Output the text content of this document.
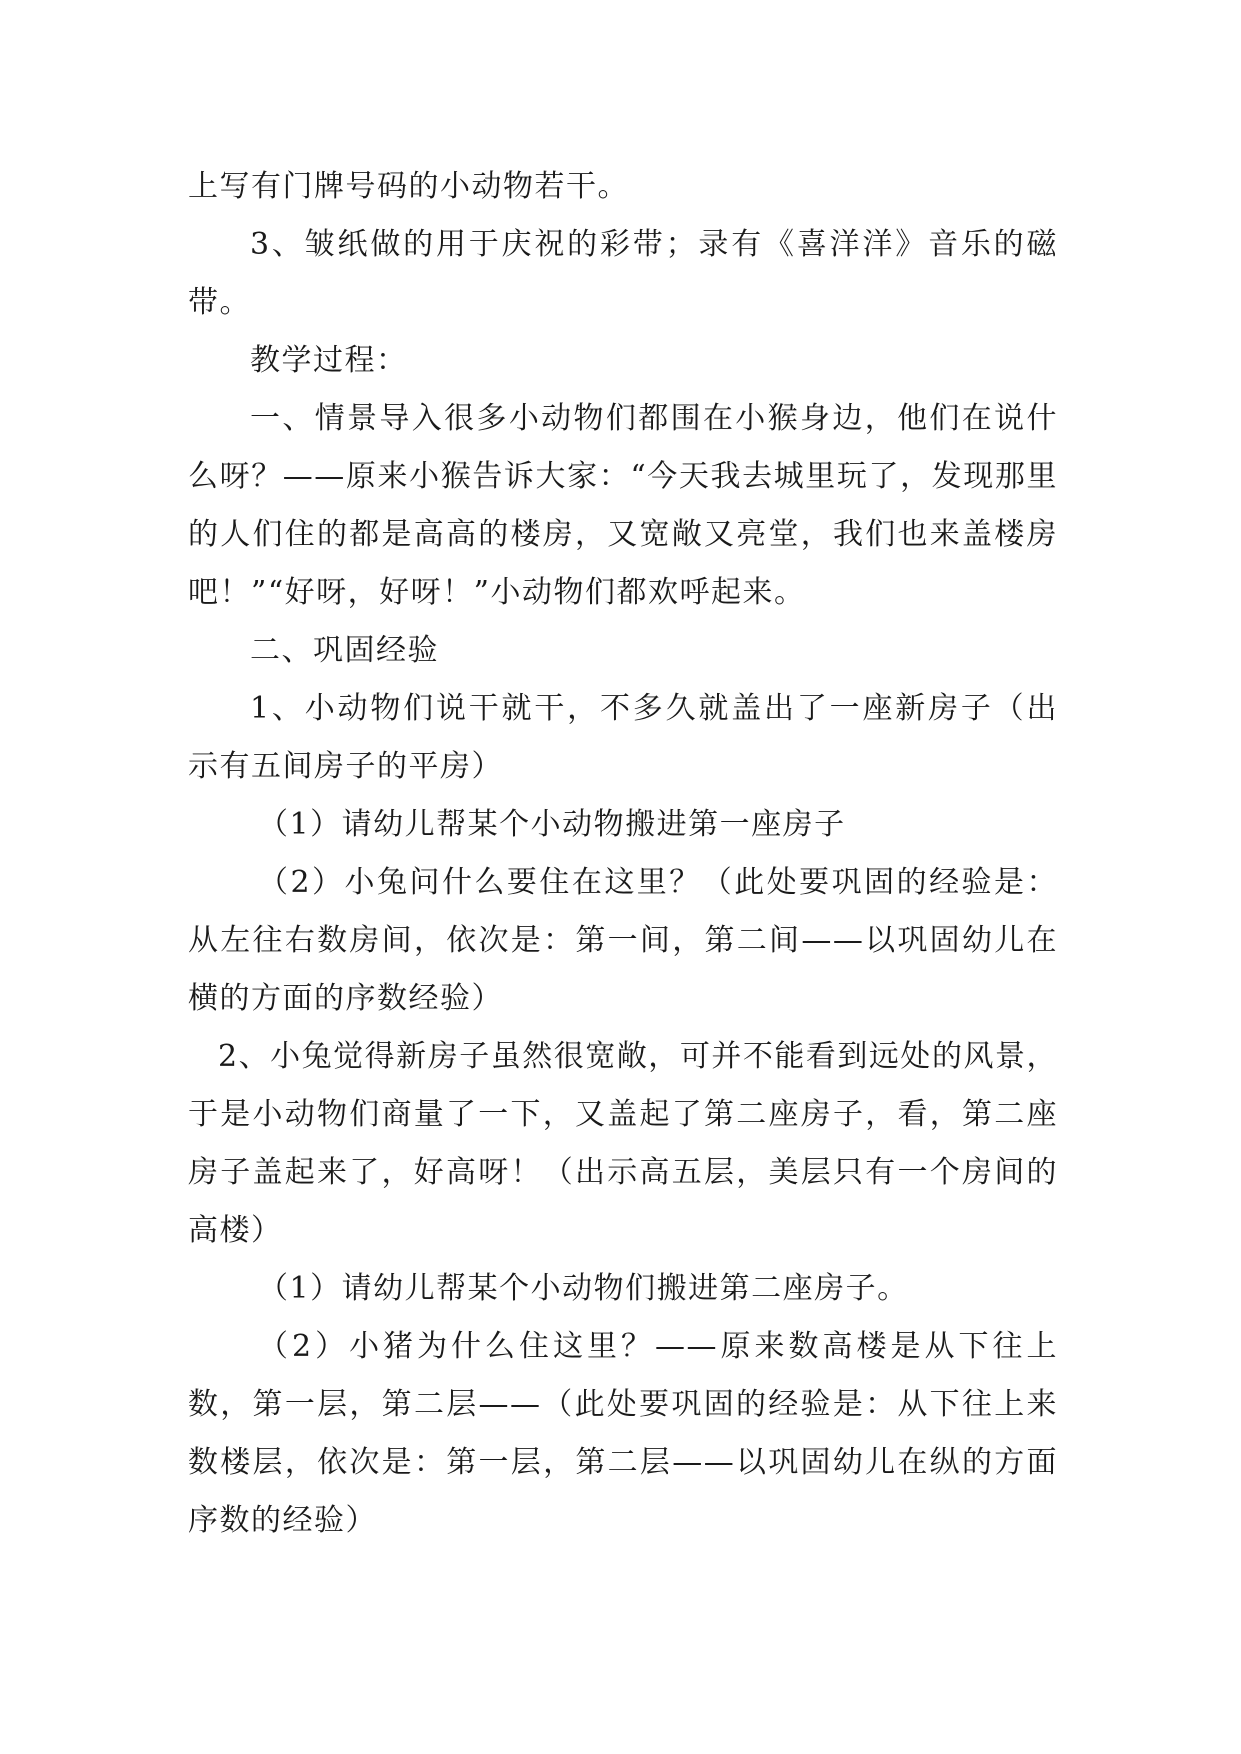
上写有门牌号码的小动物若干。

3、皱纸做的用于庆祝的彩带；录有《喜洋洋》音乐的磁带。

教学过程：

一、情景导入很多小动物们都围在小猴身边，他们在说什么呀？——原来小猴告诉大家：“今天我去城里玩了，发现那里的人们住的都是高高的楼房，又宽敞又亮堂，我们也来盖楼房吧！”“好呀，好呀！”小动物们都欢呼起来。

二、巩固经验

1、小动物们说干就干，不多久就盖出了一座新房子（出示有五间房子的平房）

（1）请幼儿帮某个小动物搬进第一座房子

（2）小兔问什么要住在这里？（此处要巩固的经验是：从左往右数房间，依次是：第一间，第二间——以巩固幼儿在横的方面的序数经验）

2、小兔觉得新房子虽然很宽敞，可并不能看到远处的风景，于是小动物们商量了一下，又盖起了第二座房子，看，第二座房子盖起来了，好高呀！（出示高五层，美层只有一个房间的高楼）

（1）请幼儿帮某个小动物们搬进第二座房子。

（2）小猪为什么住这里？——原来数高楼是从下往上数，第一层，第二层——（此处要巩固的经验是：从下往上来数楼层，依次是：第一层，第二层——以巩固幼儿在纵的方面序数的经验）
